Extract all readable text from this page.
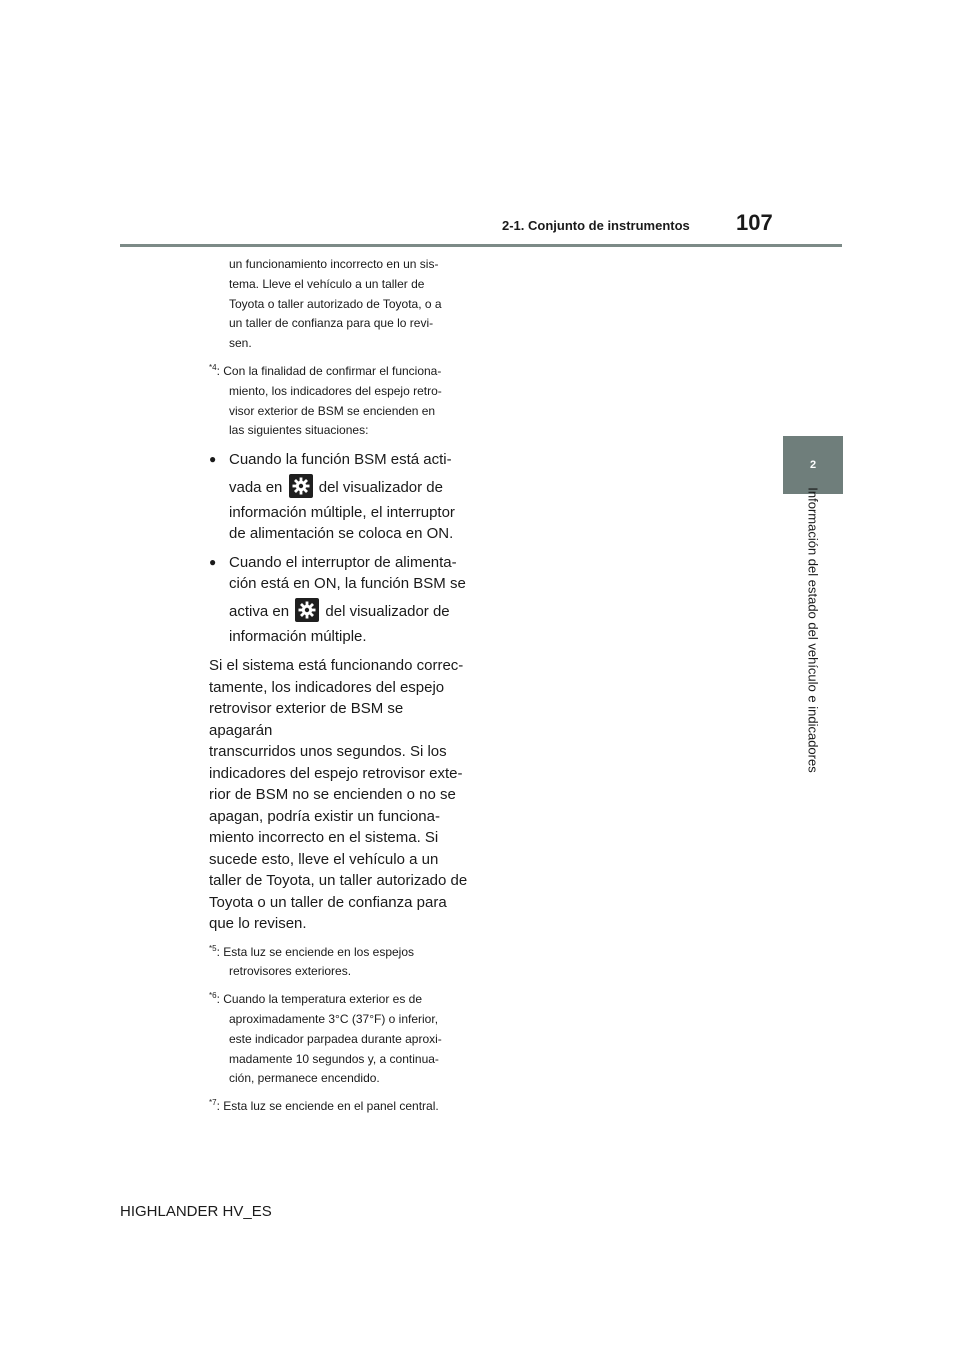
2-1. Conjunto de instrumentos 107
2
Información del estado del vehículo e indicadores
un funcionamiento incorrecto en un sis-
tema. Lleve el vehículo a un taller de
Toyota o taller autorizado de Toyota, o a
un taller de confianza para que lo revi-
sen.
$^{*4}$: Con la finalidad de confirmar el funciona-
miento, los indicadores del espejo retro-
visor exterior de BSM se encienden en
las siguientes situaciones:
● Cuando la función BSM está acti-
vada en del visualizador de
información múltiple, el interruptor
de alimentación se coloca en ON.
● Cuando el interruptor de alimenta-
ción está en ON, la función BSM se
activa en del visualizador de
información múltiple.
Si el sistema está funcionando correc-
tamente, los indicadores del espejo
retrovisor exterior de BSM se apagarán
transcurridos unos segundos. Si los
indicadores del espejo retrovisor exte-
rior de BSM no se encienden o no se
apagan, podría existir un funciona-
miento incorrecto en el sistema. Si
sucede esto, lleve el vehículo a un
taller de Toyota, un taller autorizado de
Toyota o un taller de confianza para
que lo revisen.
$^{*5}$: Esta luz se enciende en los espejos
retrovisores exteriores.
$^{*6}$: Cuando la temperatura exterior es de
aproximadamente 3°C (37°F) o inferior,
este indicador parpadea durante aproxi-
madamente 10 segundos y, a continua-
ción, permanece encendido.
$^{*7}$: Esta luz se enciende en el panel central.
HIGHLANDER HV_ES
